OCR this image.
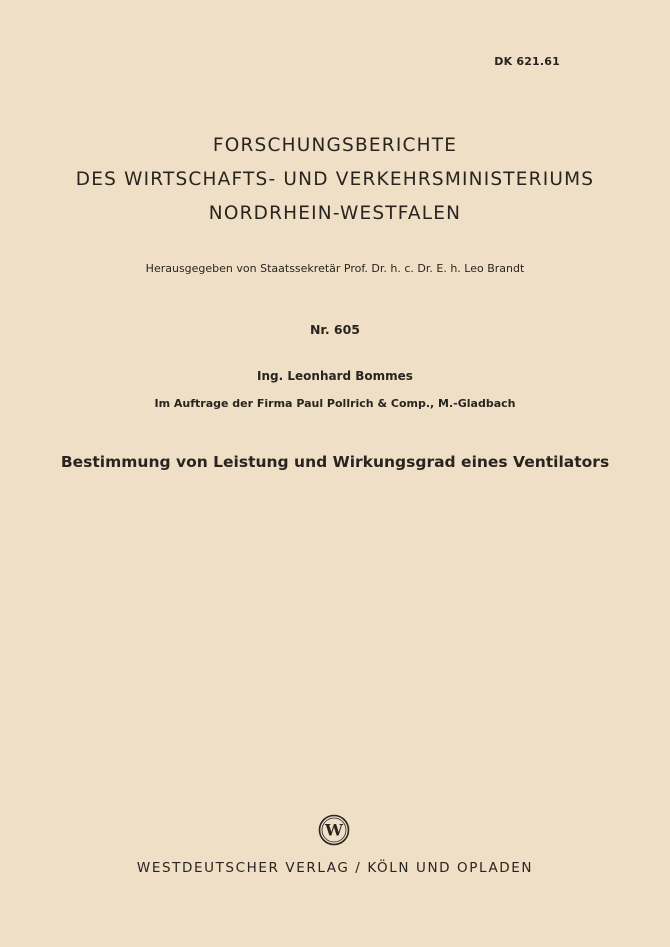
DK 621.61
FORSCHUNGSBERICHTE
DES WIRTSCHAFTS- UND VERKEHRSMINISTERIUMS
NORDRHEIN-WESTFALEN
Herausgegeben von Staatssekretär Prof. Dr. h. c. Dr. E. h. Leo Brandt
Nr. 605
Ing. Leonhard Bommes
Im Auftrage der Firma Paul Pollrich & Comp., M.-Gladbach
Bestimmung von Leistung und Wirkungsgrad eines Ventilators
W
WESTDEUTSCHER VERLAG / KÖLN UND OPLADEN
